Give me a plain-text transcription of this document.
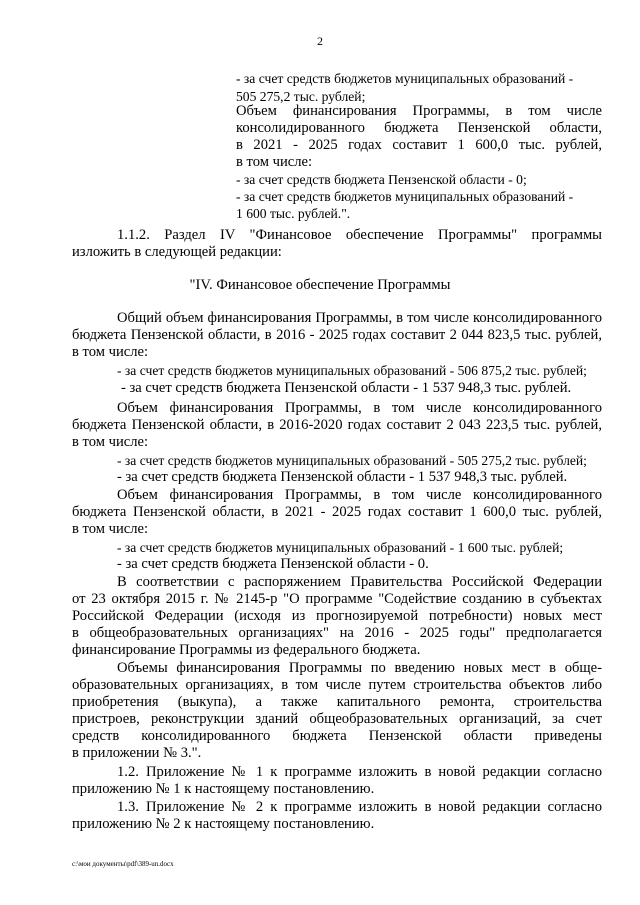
2

- за счет средств бюджетов муниципальных образований -

505 275,2 тыс. рублей;

Объем финансирования Программы, в том числе

консолидированного бюджета Пензенской области,

в 2021 - 2025 годах составит 1 600,0 тыс. рублей,

в том числе:

- за счет средств бюджета Пензенской области - 0;

- за счет средств бюджетов муниципальных образований -

1 600 тыс. рублей.".

1.1.2. Раздел IV "Финансовое обеспечение Программы" программы

изложить в следующей редакции:

"IV. Финансовое обеспечение Программы

Общий объем финансирования Программы, в том числе консолидированного

бюджета Пензенской области, в 2016 - 2025 годах составит 2 044 823,5 тыс. рублей,

в том числе:

- за счет средств бюджетов муниципальных образований - 506 875,2 тыс. рублей;

- за счет средств бюджета Пензенской области - 1 537 948,3 тыс. рублей.

Объем финансирования Программы, в том числе консолидированного

бюджета Пензенской области, в 2016-2020 годах составит 2 043 223,5 тыс. рублей,

в том числе:

- за счет средств бюджетов муниципальных образований - 505 275,2 тыс. рублей;

- за счет средств бюджета Пензенской области - 1 537 948,3 тыс. рублей.

Объем финансирования Программы, в том числе консолидированного

бюджета Пензенской области, в 2021 - 2025 годах составит 1 600,0 тыс. рублей,

в том числе:

- за счет средств бюджетов муниципальных образований - 1 600 тыс. рублей;

- за счет средств бюджета Пензенской области - 0.

В соответствии с распоряжением Правительства Российской Федерации

от 23 октября 2015 г. № 2145-р "О программе "Содействие созданию в субъектах

Российской Федерации (исходя из прогнозируемой потребности) новых мест

в общеобразовательных организациях" на 2016 - 2025 годы" предполагается

финансирование Программы из федерального бюджета.

Объемы финансирования Программы по введению новых мест в обще-

образовательных организациях, в том числе путем строительства объектов либо

приобретения (выкупа), а также капитального ремонта, строительства

пристроев, реконструкции зданий общеобразовательных организаций, за счет

средств консолидированного бюджета Пензенской области приведены

в приложении № 3.".

1.2. Приложение № 1 к программе изложить в новой редакции согласно

приложению № 1 к настоящему постановлению.

1.3. Приложение № 2 к программе изложить в новой редакции согласно

приложению № 2 к настоящему постановлению.

c:\мои документы\pdf\389-un.docx
